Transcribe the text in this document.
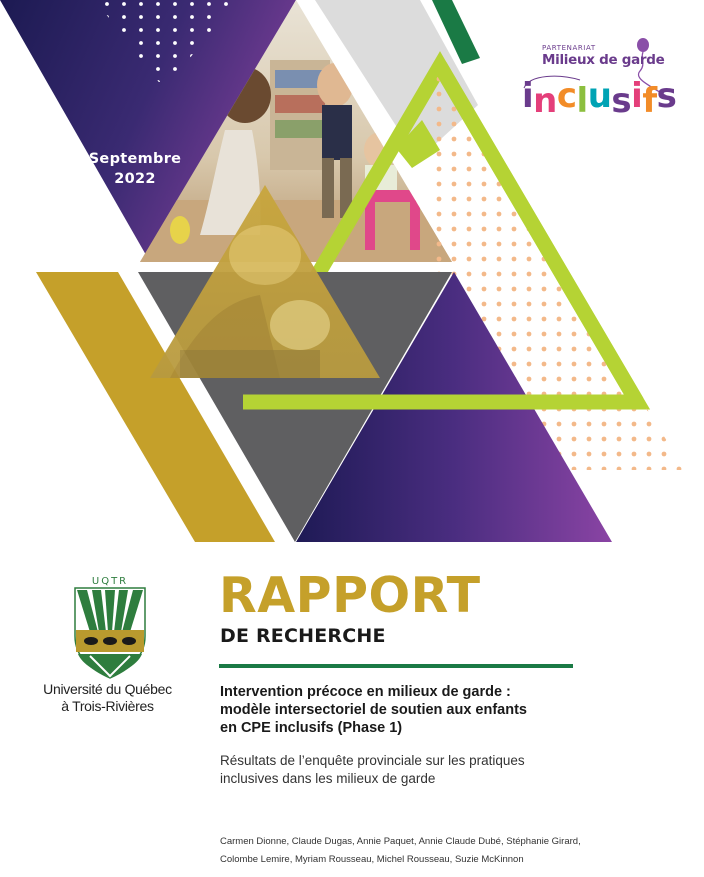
Septembre
2022
PARTENARIAT
Milieux de garde
inclusifs
UQTR
Université du Québec
à Trois-Rivières
RAPPORT
DE RECHERCHE
Intervention précoce en milieux de garde :
modèle intersectoriel de soutien aux enfants
en CPE inclusifs (Phase 1)
Résultats de l’enquête provinciale sur les pratiques
inclusives dans les milieux de garde
Carmen Dionne, Claude Dugas, Annie Paquet, Annie Claude Dubé, Stéphanie Girard,
Colombe Lemire, Myriam Rousseau, Michel Rousseau, Suzie McKinnon
